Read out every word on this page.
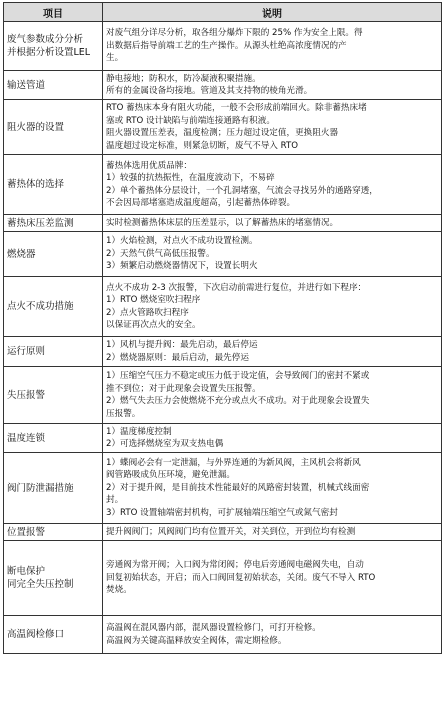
项目	说明
废气参数成分分析
并根据分析设置LEL	对废气组分详尽分析，取各组分爆炸下限的 25% 作为安全上限。得
出数据后指导前端工艺的生产操作。从源头杜绝高浓度情况的产
生。

输送管道	静电接地；防积水，防冷凝液积聚措施。
所有的金属设备均接地。管道及其支持物的棱角光滑。

阻火器的设置	RTO 蓄热床本身有阻火功能，一般不会形成前端回火。除非蓄热床堵
塞或 RTO 设计缺陷与前端连接通路有积液。
阻火器设置压差表，温度检测；压力超过设定值，更换阻火器
温度超过设定标准，则紧急切断，废气不导入 RTO

蓄热体的选择	蓄热体选用优质品牌：
1）较强的抗热振性，在温度波动下，不易碎
2）单个蓄热体分层设计，一个孔洞堵塞，气流会寻找另外的通路穿透，
不会因局部堵塞造成温度超高，引起蓄热体碎裂。

蓄热床压差监测	实时检测蓄热体床层的压差显示，以了解蓄热床的堵塞情况。

燃烧器	1）火焰检测，对点火不成功设置检测。
2）天然气供气高低压报警。
3）频繁启动燃烧器情况下，设置长明火

点火不成功措施	点火不成功 2-3 次报警，下次启动前需进行复位，并进行如下程序：
1）RTO 燃烧室吹扫程序
2）点火管路吹扫程序
以保证再次点火的安全。

运行原则	1）风机与提升阀：最先启动，最后停运
2）燃烧器原则：最后启动，最先停运

失压报警	1）压缩空气压力不稳定或压力低于设定值，会导致阀门的密封不紧或
推不到位；对于此现象会设置失压报警。
2）燃气失去压力会使燃烧不充分或点火不成功。对于此现象会设置失
压报警。

温度连锁	1）温度梯度控制
2）可选择燃烧室为双支热电偶

阀门防泄漏措施	1）蝶阀必会有一定泄漏，与外界连通的为新风阀，主风机会将新风
阀管路吸成负压环境，避免泄漏。
2）对于提升阀，是目前技术性能最好的风路密封装置，机械式线面密
封。
3）RTO 设置轴端密封机构，可扩展轴端压缩空气或氮气密封

位置报警	提升阀阀门；风阀阀门均有位置开关，对关到位，开到位均有检测

断电保护
同完全失压控制	旁通阀为常开阀；入口阀为常闭阀；停电后旁通阀电磁阀失电，自动
回复初始状态，开启；而入口阀回复初始状态，关闭。废气不导入 RTO
焚烧。

高温阀检修口	高温阀在混风器内部，混风器设置检修门，可打开检修。
高温阀为关键高温释放安全阀体，需定期检修。
